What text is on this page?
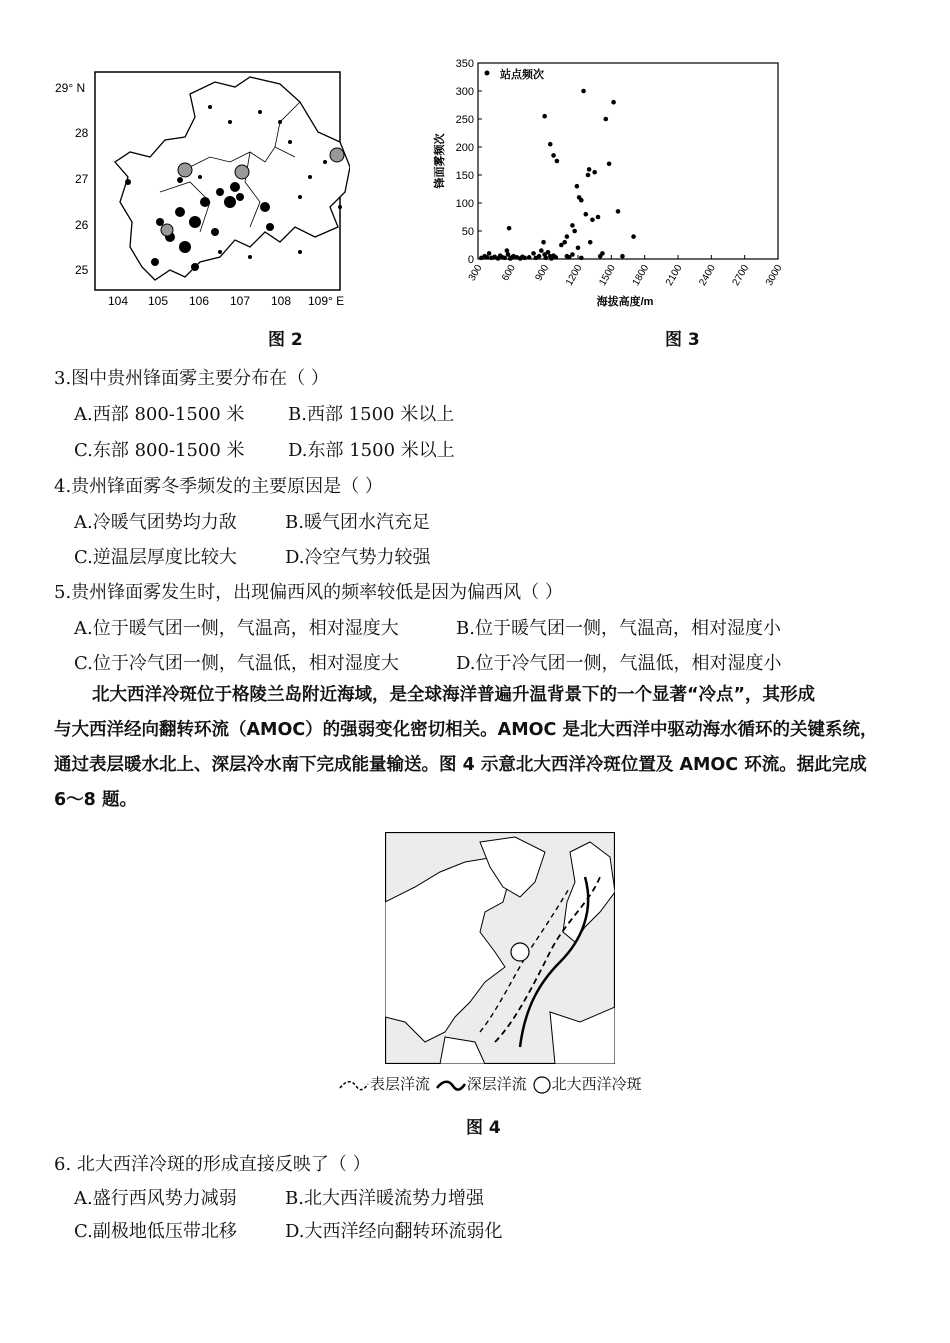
29° N
28
27
26
25
104 105 106 107 108 109° E
图 2
0
50
100
150
200
250
300
350
300 600 900 1200 1500 1800 2100 2400 2700 3000
站点频次
锋面雾频次
海拔高度/m
图 3
3.图中贵州锋面雾主要分布在（ ）
A.西部 800-1500 米 B.西部 1500 米以上
C.东部 800-1500 米 D.东部 1500 米以上
4.贵州锋面雾冬季频发的主要原因是（ ）
A.冷暖气团势均力敌	B.暖气团水汽充足
C.逆温层厚度比较大	D.冷空气势力较强
5.贵州锋面雾发生时，出现偏西风的频率较低是因为偏西风（ ）
A.位于暖气团一侧，气温高，相对湿度大	B.位于暖气团一侧，气温高，相对湿度小
C.位于冷气团一侧，气温低，相对湿度大	D.位于冷气团一侧，气温低，相对湿度小
北大西洋冷斑位于格陵兰岛附近海域，是全球海洋普遍升温背景下的一个显著“冷点”，其形成
与大西洋经向翻转环流（AMOC）的强弱变化密切相关。AMOC 是北大西洋中驱动海水循环的关键系统，
通过表层暖水北上、深层冷水南下完成能量输送。图 4 示意北大西洋冷斑位置及 AMOC 环流。据此完成
6～8 题。
表层洋流 深层洋流 北大西洋冷斑
图 4
6. 北大西洋冷斑的形成直接反映了（ ）
A.盛行西风势力减弱	B.北大西洋暖流势力增强
C.副极地低压带北移	D.大西洋经向翻转环流弱化
